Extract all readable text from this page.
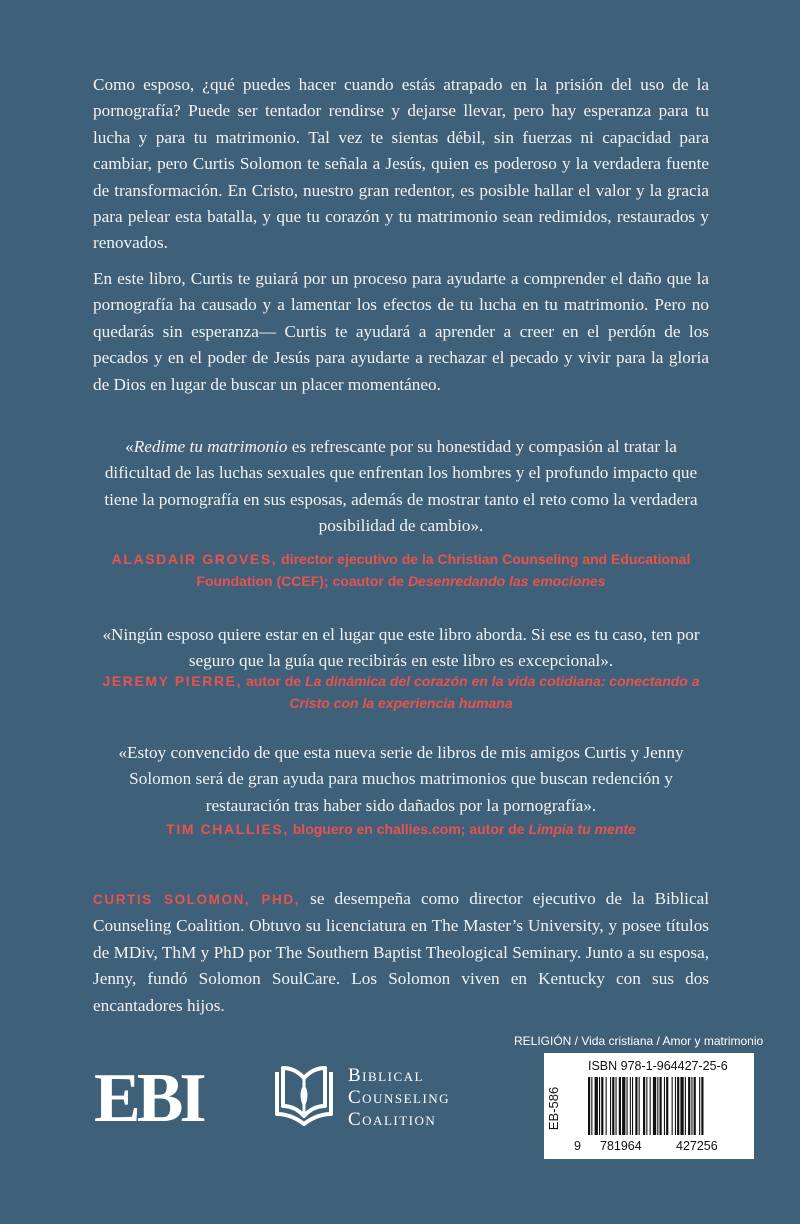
Como esposo, ¿qué puedes hacer cuando estás atrapado en la prisión del uso de la pornografía? Puede ser tentador rendirse y dejarse llevar, pero hay esperanza para tu lucha y para tu matrimonio. Tal vez te sientas débil, sin fuerzas ni capacidad para cambiar, pero Curtis Solomon te señala a Jesús, quien es poderoso y la verdadera fuente de transformación. En Cristo, nuestro gran redentor, es posible hallar el valor y la gracia para pelear esta batalla, y que tu corazón y tu matrimonio sean redimidos, restaurados y renovados.

En este libro, Curtis te guiará por un proceso para ayudarte a comprender el daño que la pornografía ha causado y a lamentar los efectos de tu lucha en tu matrimonio. Pero no quedarás sin esperanza— Curtis te ayudará a aprender a creer en el perdón de los pecados y en el poder de Jesús para ayudarte a rechazar el pecado y vivir para la gloria de Dios en lugar de buscar un placer momentáneo.

«Redime tu matrimonio es refrescante por su honestidad y compasión al tratar la dificultad de las luchas sexuales que enfrentan los hombres y el profundo impacto que tiene la pornografía en sus esposas, además de mostrar tanto el reto como la verdadera posibilidad de cambio».

ALASDAIR GROVES, director ejecutivo de la Christian Counseling and Educational Foundation (CCEF); coautor de Desenredando las emociones

«Ningún esposo quiere estar en el lugar que este libro aborda. Si ese es tu caso, ten por seguro que la guía que recibirás en este libro es excepcional».

JEREMY PIERRE, autor de La dinámica del corazón en la vida cotidiana: conectando a Cristo con la experiencia humana

«Estoy convencido de que esta nueva serie de libros de mis amigos Curtis y Jenny Solomon será de gran ayuda para muchos matrimonios que buscan redención y restauración tras haber sido dañados por la pornografía».

TIM CHALLIES, bloguero en challies.com; autor de Limpia tu mente

CURTIS SOLOMON, PHD, se desempeña como director ejecutivo de la Biblical Counseling Coalition. Obtuvo su licenciatura en The Master’s University, y posee títulos de MDiv, ThM y PhD por The Southern Baptist Theological Seminary. Junto a su esposa, Jenny, fundó Solomon SoulCare. Los Solomon viven en Kentucky con sus dos encantadores hijos.

RELIGIÓN / Vida cristiana / Amor y matrimonio
EBI	Biblical
Counseling
Coalition
ISBN 978-1-964427-25-6
EB-586
9 781964	427256
